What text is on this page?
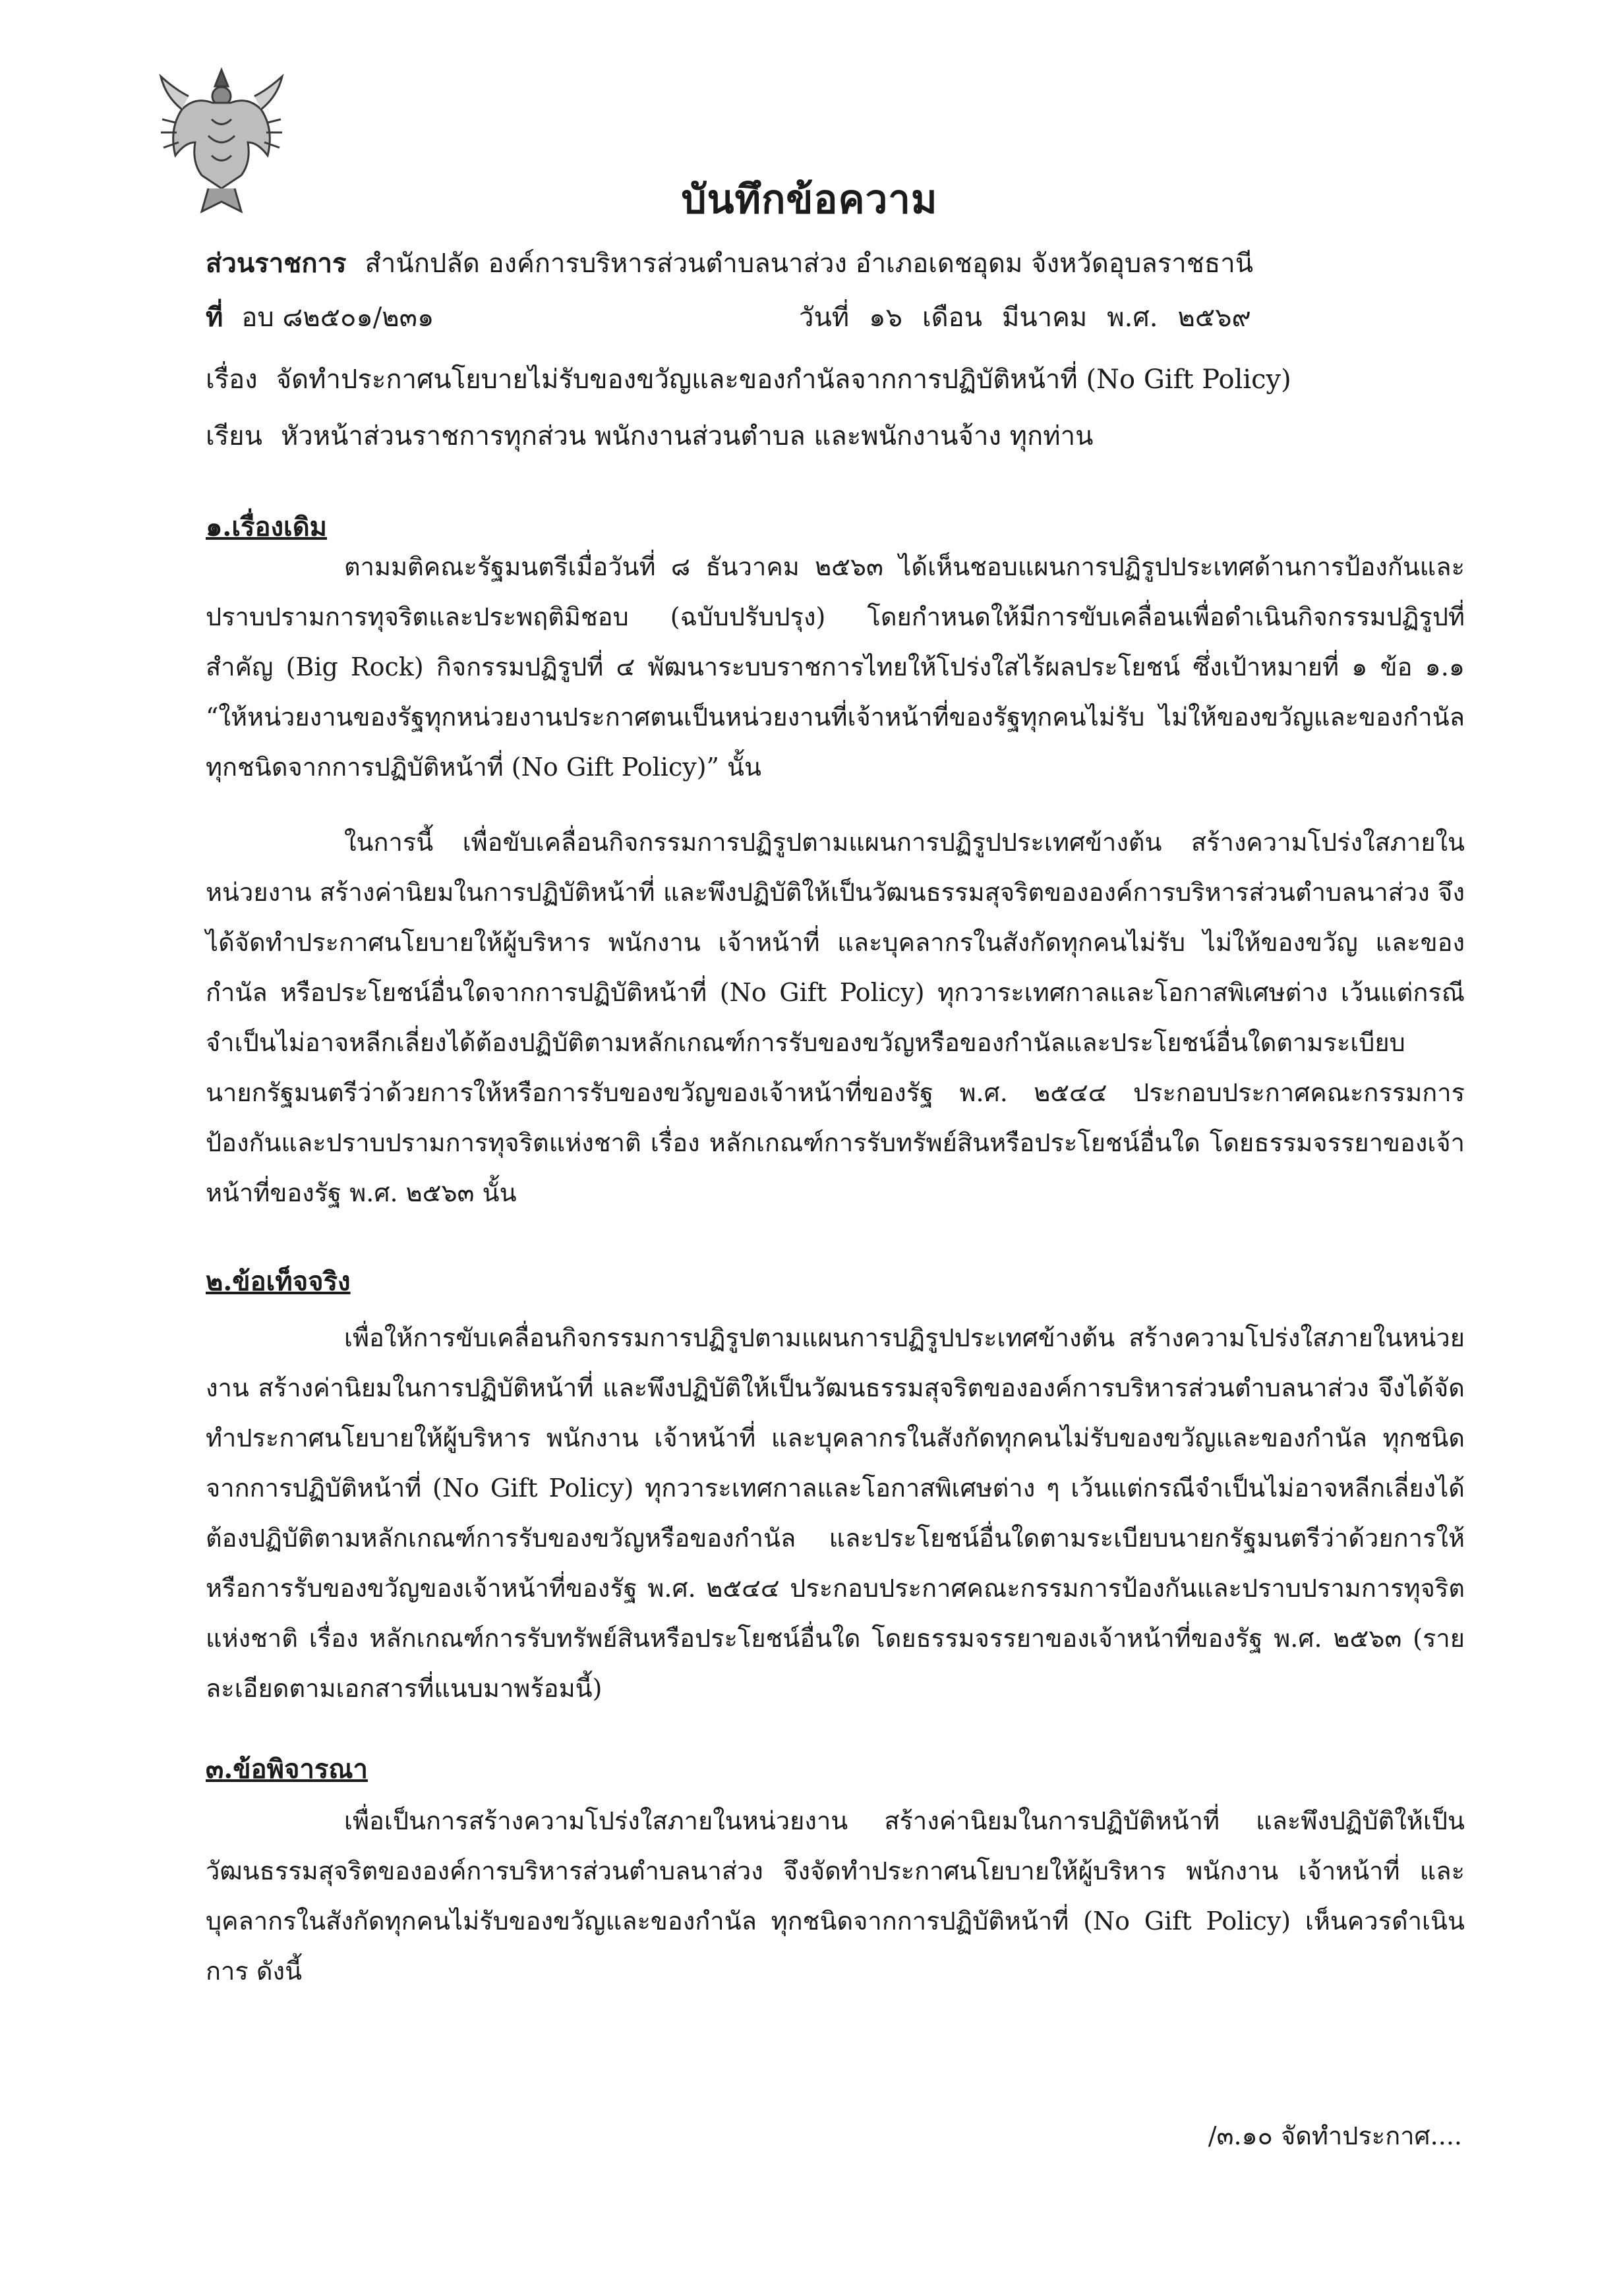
บันทึกข้อความ
ส่วนราชการ สำนักปลัด องค์การบริหารส่วนตำบลนาส่วง อำเภอเดชอุดม จังหวัดอุบลราชธานี
ที่ อบ ๘๒๕๐๑/๒๓๑	วันที่ ๑๖ เดือน มีนาคม พ.ศ. ๒๕๖๙
เรื่อง จัดทำประกาศนโยบายไม่รับของขวัญและของกำนัลจากการปฏิบัติหน้าที่ (No Gift Policy)
เรียน หัวหน้าส่วนราชการทุกส่วน พนักงานส่วนตำบล และพนักงานจ้าง ทุกท่าน
๑.เรื่องเดิม

ตามมติคณะรัฐมนตรีเมื่อวันที่ ๘ ธันวาคม ๒๕๖๓ ได้เห็นชอบแผนการปฏิรูปประเทศด้านการป้องกันและปราบปรามการทุจริตและประพฤติมิชอบ (ฉบับปรับปรุง) โดยกำหนดให้มีการขับเคลื่อนเพื่อดำเนินกิจกรรมปฏิรูปที่สำคัญ (Big Rock) กิจกรรมปฏิรูปที่ ๔ พัฒนาระบบราชการไทยให้โปร่งใสไร้ผลประโยชน์ ซึ่งเป้าหมายที่ ๑ ข้อ ๑.๑ “ให้หน่วยงานของรัฐทุกหน่วยงานประกาศตนเป็นหน่วยงานที่เจ้าหน้าที่ของรัฐทุกคนไม่รับ ไม่ให้ของขวัญและของกำนัลทุกชนิดจากการปฏิบัติหน้าที่ (No Gift Policy)” นั้น

ในการนี้ เพื่อขับเคลื่อนกิจกรรมการปฏิรูปตามแผนการปฏิรูปประเทศข้างต้น สร้างความโปร่งใสภายในหน่วยงาน สร้างค่านิยมในการปฏิบัติหน้าที่ และพึงปฏิบัติให้เป็นวัฒนธรรมสุจริตขององค์การบริหารส่วนตำบลนาส่วง จึงได้จัดทำประกาศนโยบายให้ผู้บริหาร พนักงาน เจ้าหน้าที่ และบุคลากรในสังกัดทุกคนไม่รับ ไม่ให้ของขวัญ และของกำนัล หรือประโยชน์อื่นใดจากการปฏิบัติหน้าที่ (No Gift Policy) ทุกวาระเทศกาลและโอกาสพิเศษต่าง เว้นแต่กรณีจำเป็นไม่อาจหลีกเลี่ยงได้ต้องปฏิบัติตามหลักเกณฑ์การรับของขวัญหรือของกำนัลและประโยชน์อื่นใดตามระเบียบนายกรัฐมนตรีว่าด้วยการให้หรือการรับของขวัญของเจ้าหน้าที่ของรัฐ พ.ศ. ๒๕๔๔ ประกอบประกาศคณะกรรมการป้องกันและปราบปรามการทุจริตแห่งชาติ เรื่อง หลักเกณฑ์การรับทรัพย์สินหรือประโยชน์อื่นใด โดยธรรมจรรยาของเจ้าหน้าที่ของรัฐ พ.ศ. ๒๕๖๓ นั้น

๒.ข้อเท็จจริง

เพื่อให้การขับเคลื่อนกิจกรรมการปฏิรูปตามแผนการปฏิรูปประเทศข้างต้น สร้างความโปร่งใสภายในหน่วยงาน สร้างค่านิยมในการปฏิบัติหน้าที่ และพึงปฏิบัติให้เป็นวัฒนธรรมสุจริตขององค์การบริหารส่วนตำบลนาส่วง จึงได้จัดทำประกาศนโยบายให้ผู้บริหาร พนักงาน เจ้าหน้าที่ และบุคลากรในสังกัดทุกคนไม่รับของขวัญและของกำนัล ทุกชนิดจากการปฏิบัติหน้าที่ (No Gift Policy) ทุกวาระเทศกาลและโอกาสพิเศษต่าง ๆ เว้นแต่กรณีจำเป็นไม่อาจหลีกเลี่ยงได้ต้องปฏิบัติตามหลักเกณฑ์การรับของขวัญหรือของกำนัล และประโยชน์อื่นใดตามระเบียบนายกรัฐมนตรีว่าด้วยการให้หรือการรับของขวัญของเจ้าหน้าที่ของรัฐ พ.ศ. ๒๕๔๔ ประกอบประกาศคณะกรรมการป้องกันและปราบปรามการทุจริตแห่งชาติ เรื่อง หลักเกณฑ์การรับทรัพย์สินหรือประโยชน์อื่นใด โดยธรรมจรรยาของเจ้าหน้าที่ของรัฐ พ.ศ. ๒๕๖๓ (รายละเอียดตามเอกสารที่แนบมาพร้อมนี้)

๓.ข้อพิจารณา

เพื่อเป็นการสร้างความโปร่งใสภายในหน่วยงาน สร้างค่านิยมในการปฏิบัติหน้าที่ และพึงปฏิบัติให้เป็นวัฒนธรรมสุจริตขององค์การบริหารส่วนตำบลนาส่วง จึงจัดทำประกาศนโยบายให้ผู้บริหาร พนักงาน เจ้าหน้าที่ และบุคลากรในสังกัดทุกคนไม่รับของขวัญและของกำนัล ทุกชนิดจากการปฏิบัติหน้าที่ (No Gift Policy) เห็นควรดำเนินการ ดังนี้

/๓.๑๐ จัดทำประกาศ....
